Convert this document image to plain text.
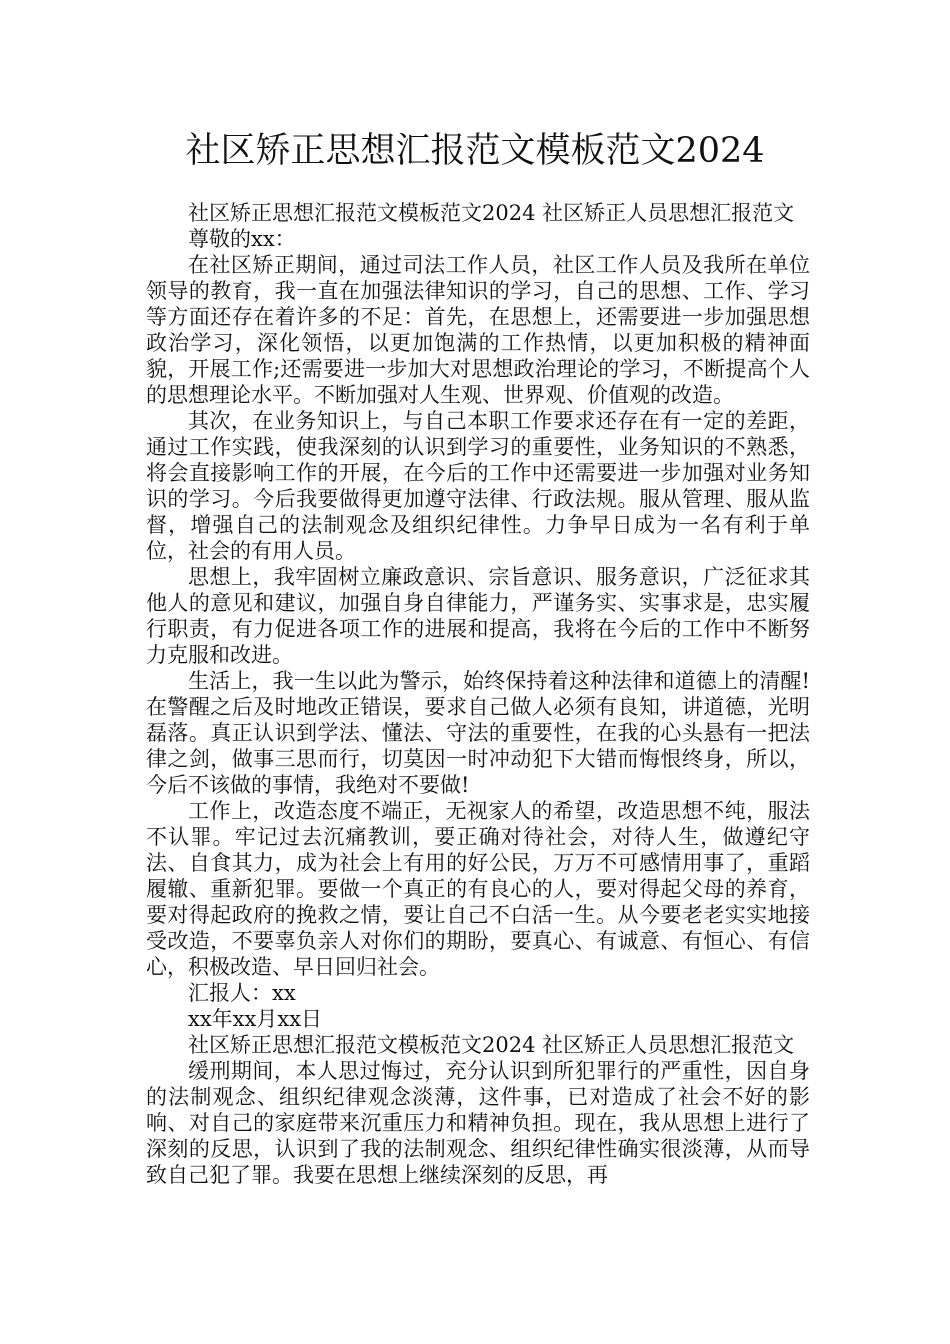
社区矫正思想汇报范文模板范文2024

社区矫正思想汇报范文模板范文2024 社区矫正人员思想汇报范文

尊敬的xx：

在社区矫正期间，通过司法工作人员，社区工作人员及我所在单位领导的教育，我一直在加强法律知识的学习，自己的思想、工作、学习等方面还存在着许多的不足：首先，在思想上，还需要进一步加强思想政治学习，深化领悟，以更加饱满的工作热情，以更加积极的精神面貌，开展工作;还需要进一步加大对思想政治理论的学习，不断提高个人的思想理论水平。不断加强对人生观、世界观、价值观的改造。

其次，在业务知识上，与自己本职工作要求还存在有一定的差距，通过工作实践，使我深刻的认识到学习的重要性，业务知识的不熟悉，将会直接影响工作的开展，在今后的工作中还需要进一步加强对业务知识的学习。今后我要做得更加遵守法律、行政法规。服从管理、服从监督，增强自己的法制观念及组织纪律性。力争早日成为一名有利于单位，社会的有用人员。

思想上，我牢固树立廉政意识、宗旨意识、服务意识，广泛征求其他人的意见和建议，加强自身自律能力，严谨务实、实事求是，忠实履行职责，有力促进各项工作的进展和提高，我将在今后的工作中不断努力克服和改进。

生活上，我一生以此为警示，始终保持着这种法律和道德上的清醒!在警醒之后及时地改正错误，要求自己做人必须有良知，讲道德，光明磊落。真正认识到学法、懂法、守法的重要性，在我的心头悬有一把法律之剑，做事三思而行，切莫因一时冲动犯下大错而悔恨终身，所以，今后不该做的事情，我绝对不要做!

工作上，改造态度不端正，无视家人的希望，改造思想不纯，服法不认罪。牢记过去沉痛教训，要正确对待社会，对待人生，做遵纪守法、自食其力，成为社会上有用的好公民，万万不可感情用事了，重蹈履辙、重新犯罪。要做一个真正的有良心的人，要对得起父母的养育，要对得起政府的挽救之情，要让自己不白活一生。从今要老老实实地接受改造，不要辜负亲人对你们的期盼，要真心、有诚意、有恒心、有信心，积极改造、早日回归社会。

汇报人：xx

xx年xx月xx日

社区矫正思想汇报范文模板范文2024 社区矫正人员思想汇报范文

缓刑期间，本人思过悔过，充分认识到所犯罪行的严重性，因自身的法制观念、组织纪律观念淡薄，这件事，已对造成了社会不好的影响、对自己的家庭带来沉重压力和精神负担。现在，我从思想上进行了深刻的反思，认识到了我的法制观念、组织纪律性确实很淡薄，从而导致自己犯了罪。我要在思想上继续深刻的反思，再
